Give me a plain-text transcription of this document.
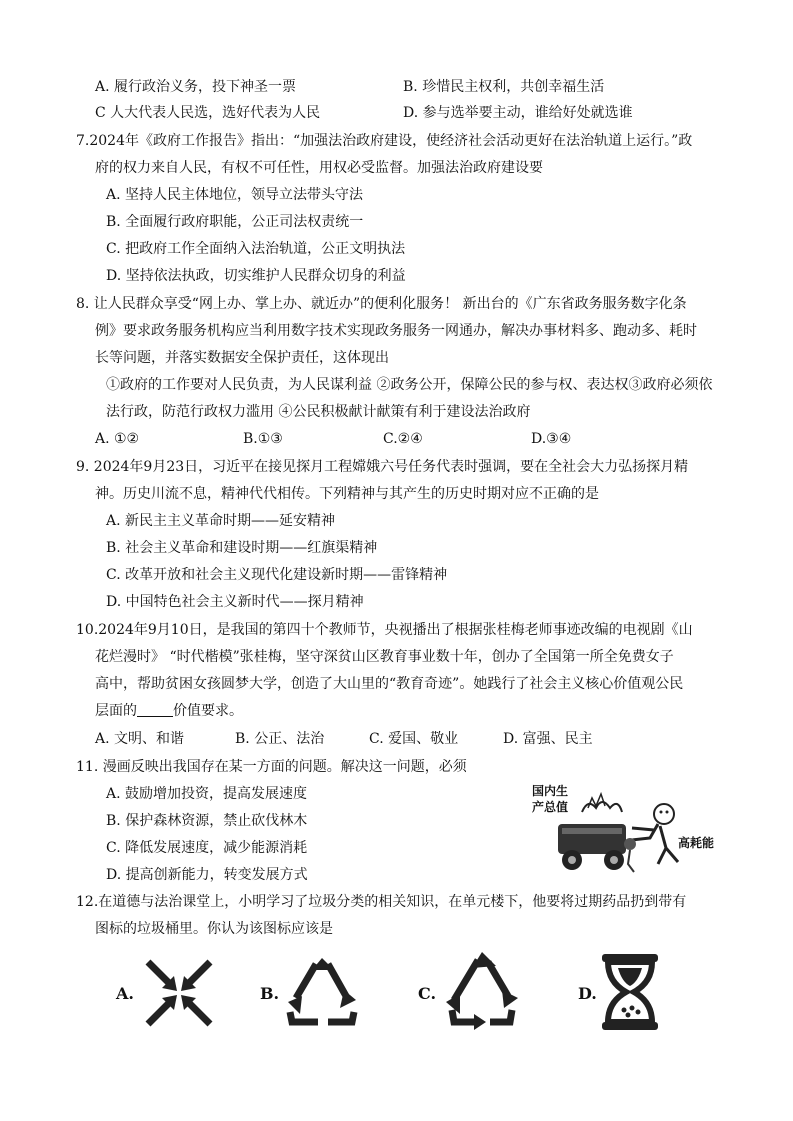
A. 履行政治义务，投下神圣一票	B. 珍惜民主权利，共创幸福生活
C 人大代表人民选，选好代表为人民	D. 参与选举要主动，谁给好处就选谁
7.2024年《政府工作报告》指出：“加强法治政府建设，使经济社会活动更好在法治轨道上运行。”政
府的权力来自人民，有权不可任性，用权必受监督。加强法治政府建设要
A. 坚持人民主体地位，领导立法带头守法
B. 全面履行政府职能，公正司法权责统一
C. 把政府工作全面纳入法治轨道，公正文明执法
D. 坚持依法执政，切实维护人民群众切身的利益
8. 让人民群众享受“网上办、掌上办、就近办”的便利化服务！ 新出台的《广东省政务服务数字化条
例》要求政务服务机构应当利用数字技术实现政务服务一网通办，解决办事材料多、跑动多、耗时
长等问题，并落实数据安全保护责任，这体现出
①政府的工作要对人民负责，为人民谋利益 ②政务公开，保障公民的参与权、表达权③政府必须依
法行政，防范行政权力滥用 ④公民积极献计献策有利于建设法治政府
A. ①②	B.①③	C.②④	D.③④
9. 2024年9月23日，习近平在接见探月工程嫦娥六号任务代表时强调，要在全社会大力弘扬探月精
神。历史川流不息，精神代代相传。下列精神与其产生的历史时期对应不正确的是
A. 新民主主义革命时期——延安精神
B. 社会主义革命和建设时期——红旗渠精神
C. 改革开放和社会主义现代化建设新时期——雷锋精神
D. 中国特色社会主义新时代——探月精神
10.2024年9月10日，是我国的第四十个教师节，央视播出了根据张桂梅老师事迹改编的电视剧《山
花烂漫时》 “时代楷模”张桂梅，坚守深贫山区教育事业数十年，创办了全国第一所全免费女子
高中，帮助贫困女孩圆梦大学，创造了大山里的“教育奇迹”。她践行了社会主义核心价值观公民
层面的	价值要求。
A. 文明、和谐	B. 公正、法治	C. 爱国、敬业	D. 富强、民主
11. 漫画反映出我国存在某一方面的问题。解决这一问题，必须
A. 鼓励增加投资，提高发展速度
B. 保护森林资源，禁止砍伐林木
C. 降低发展速度，减少能源消耗
D. 提高创新能力，转变发展方式
国内生
产总值
高耗能
12.在道德与法治课堂上，小明学习了垃圾分类的相关知识，在单元楼下，他要将过期药品扔到带有
图标的垃圾桶里。你认为该图标应该是
A.	B.	C.	D.
